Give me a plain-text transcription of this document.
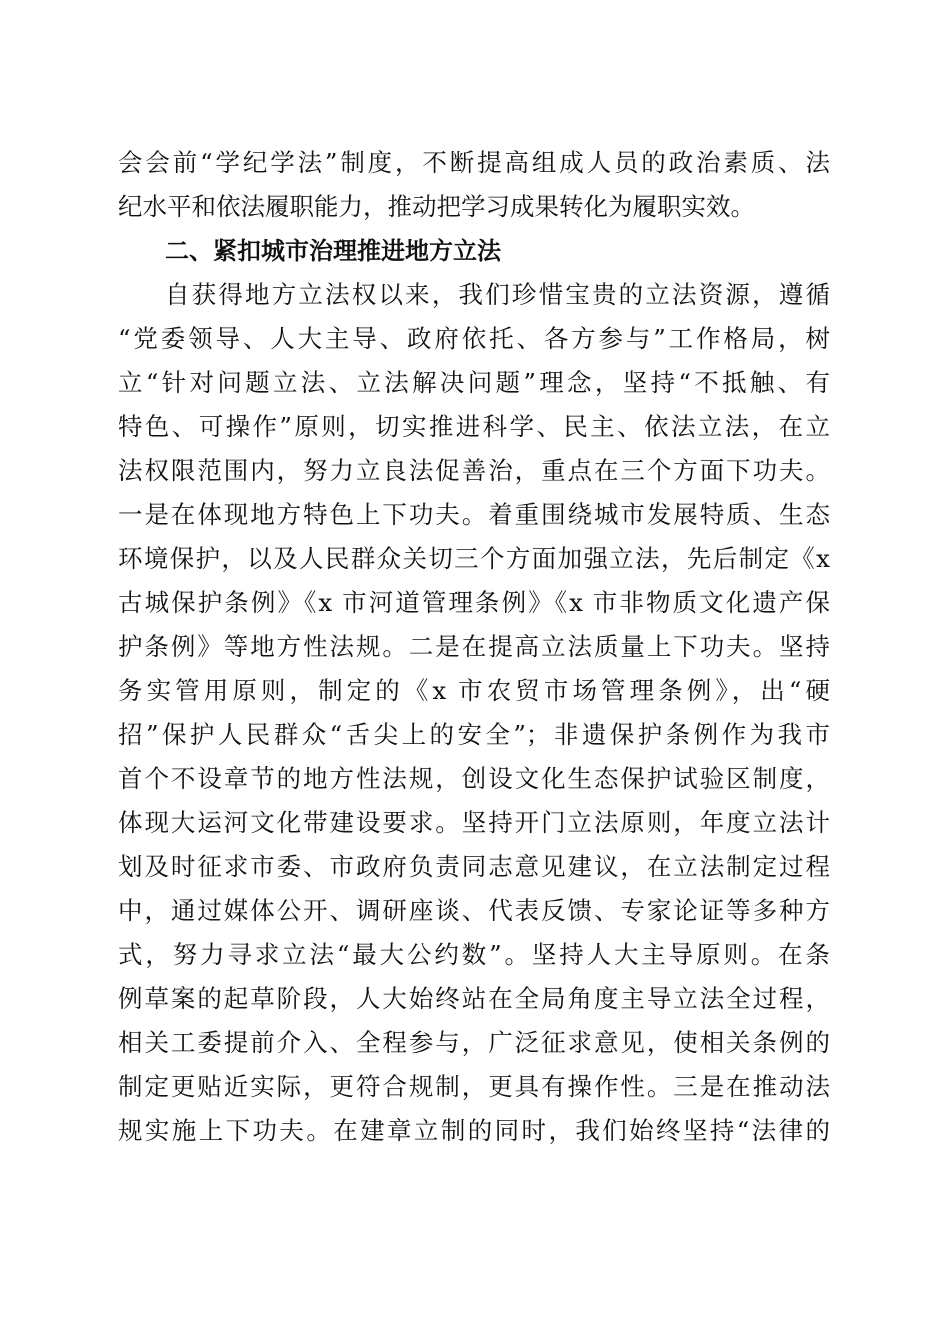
会会前“学纪学法”制度，不断提高组成人员的政治素质、法
纪水平和依法履职能力，推动把学习成果转化为履职实效。
二、紧扣城市治理推进地方立法
自获得地方立法权以来，我们珍惜宝贵的立法资源，遵循
“党委领导、人大主导、政府依托、各方参与”工作格局，树
立“针对问题立法、立法解决问题”理念，坚持“不抵触、有
特色、可操作”原则，切实推进科学、民主、依法立法，在立
法权限范围内，努力立良法促善治，重点在三个方面下功夫。
一是在体现地方特色上下功夫。着重围绕城市发展特质、生态
环境保护，以及人民群众关切三个方面加强立法，先后制定《x
古城保护条例》《x 市河道管理条例》《x 市非物质文化遗产保
护条例》等地方性法规。二是在提高立法质量上下功夫。坚持
务实管用原则，制定的《x 市农贸市场管理条例》，出“硬
招”保护人民群众“舌尖上的安全”；非遗保护条例作为我市
首个不设章节的地方性法规，创设文化生态保护试验区制度，
体现大运河文化带建设要求。坚持开门立法原则，年度立法计
划及时征求市委、市政府负责同志意见建议，在立法制定过程
中，通过媒体公开、调研座谈、代表反馈、专家论证等多种方
式，努力寻求立法“最大公约数”。坚持人大主导原则。在条
例草案的起草阶段，人大始终站在全局角度主导立法全过程，
相关工委提前介入、全程参与，广泛征求意见，使相关条例的
制定更贴近实际，更符合规制，更具有操作性。三是在推动法
规实施上下功夫。在建章立制的同时，我们始终坚持“法律的
